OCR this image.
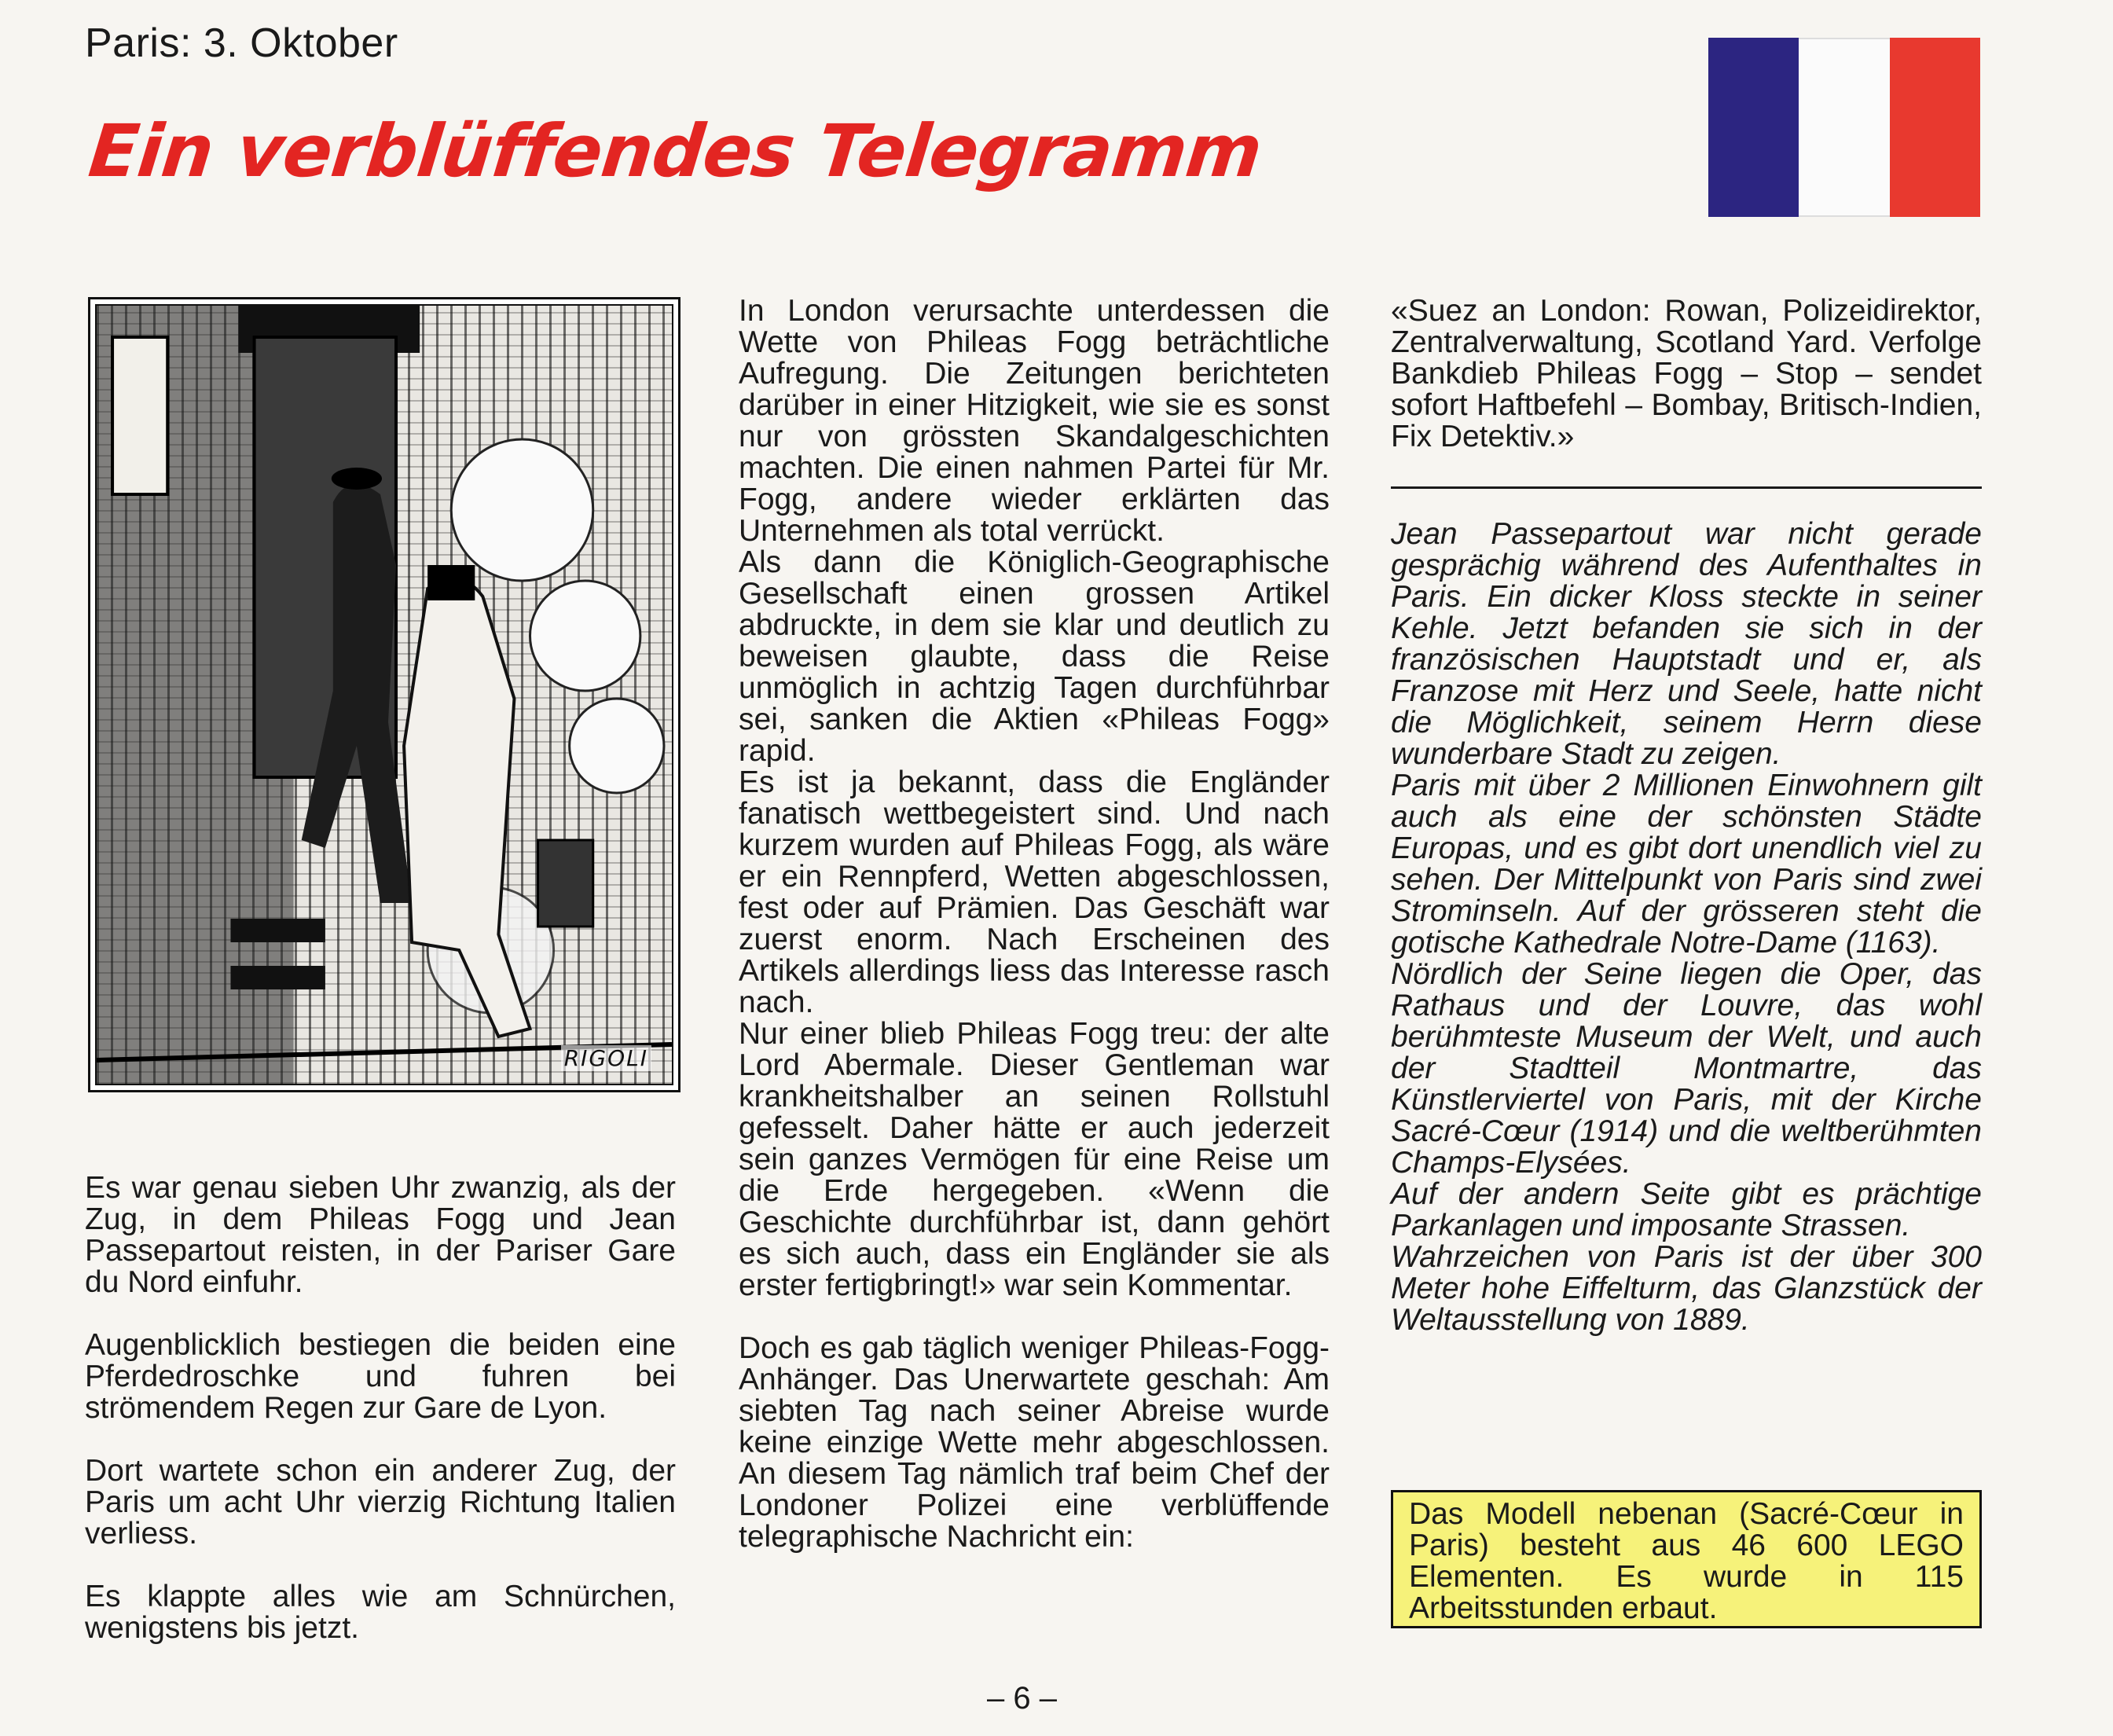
Paris: 3. Oktober
Ein verblüffendes Telegramm
RIGOLI

Es war genau sieben Uhr zwanzig, als der Zug, in dem Phileas Fogg und Jean Passepartout reisten, in der Pariser Gare du Nord einfuhr.

Augenblicklich bestiegen die beiden eine Pferdedroschke und fuhren bei strömendem Regen zur Gare de Lyon.

Dort wartete schon ein anderer Zug, der Paris um acht Uhr vierzig Richtung Italien verliess.

Es klappte alles wie am Schnürchen, wenigstens bis jetzt.

In London verursachte unterdessen die Wette von Phileas Fogg beträchtliche Aufregung. Die Zeitungen berichteten darüber in einer Hitzigkeit, wie sie es sonst nur von grössten Skandalgeschichten machten. Die einen nahmen Partei für Mr. Fogg, andere wieder erklärten das Unternehmen als total verrückt.

Als dann die Königlich-Geographische Gesellschaft einen grossen Artikel abdruckte, in dem sie klar und deutlich zu beweisen glaubte, dass die Reise unmöglich in achtzig Tagen durchführbar sei, sanken die Aktien «Phileas Fogg» rapid.

Es ist ja bekannt, dass die Engländer fanatisch wettbegeistert sind. Und nach kurzem wurden auf Phileas Fogg, als wäre er ein Rennpferd, Wetten abgeschlossen, fest oder auf Prämien. Das Geschäft war zuerst enorm. Nach Erscheinen des Artikels allerdings liess das Interesse rasch nach.

Nur einer blieb Phileas Fogg treu: der alte Lord Abermale. Dieser Gentleman war krankheitshalber an seinen Rollstuhl gefesselt. Daher hätte er auch jederzeit sein ganzes Vermögen für eine Reise um die Erde hergegeben. «Wenn die Geschichte durchführbar ist, dann gehört es sich auch, dass ein Engländer sie als erster fertigbringt!» war sein Kommentar.

Doch es gab täglich weniger Phileas-Fogg-Anhänger. Das Unerwartete geschah: Am siebten Tag nach seiner Abreise wurde keine einzige Wette mehr abgeschlossen. An diesem Tag nämlich traf beim Chef der Londoner Polizei eine verblüffende telegraphische Nachricht ein:

«Suez an London: Rowan, Polizeidirektor, Zentralverwaltung, Scotland Yard. Verfolge Bankdieb Phileas Fogg – Stop – sendet sofort Haftbefehl – Bombay, Britisch-Indien, Fix Detektiv.»

Jean Passepartout war nicht gerade gesprächig während des Aufenthaltes in Paris. Ein dicker Kloss steckte in seiner Kehle. Jetzt befanden sie sich in der französischen Hauptstadt und er, als Franzose mit Herz und Seele, hatte nicht die Möglichkeit, seinem Herrn diese wunderbare Stadt zu zeigen.

Paris mit über 2 Millionen Einwohnern gilt auch als eine der schönsten Städte Europas, und es gibt dort unendlich viel zu sehen. Der Mittelpunkt von Paris sind zwei Strominseln. Auf der grösseren steht die gotische Kathedrale Notre-Dame (1163).

Nördlich der Seine liegen die Oper, das Rathaus und der Louvre, das wohl berühmteste Museum der Welt, und auch der Stadtteil Montmartre, das Künstlerviertel von Paris, mit der Kirche Sacré-Cœur (1914) und die weltberühmten Champs-Elysées.

Auf der andern Seite gibt es prächtige Parkanlagen und imposante Strassen.

Wahrzeichen von Paris ist der über 300 Meter hohe Eiffelturm, das Glanzstück der Weltausstellung von 1889.

Das Modell nebenan (Sacré-Cœur in Paris) besteht aus 46 600 LEGO Elementen. Es wurde in 115 Arbeitsstunden erbaut.
– 6 –
